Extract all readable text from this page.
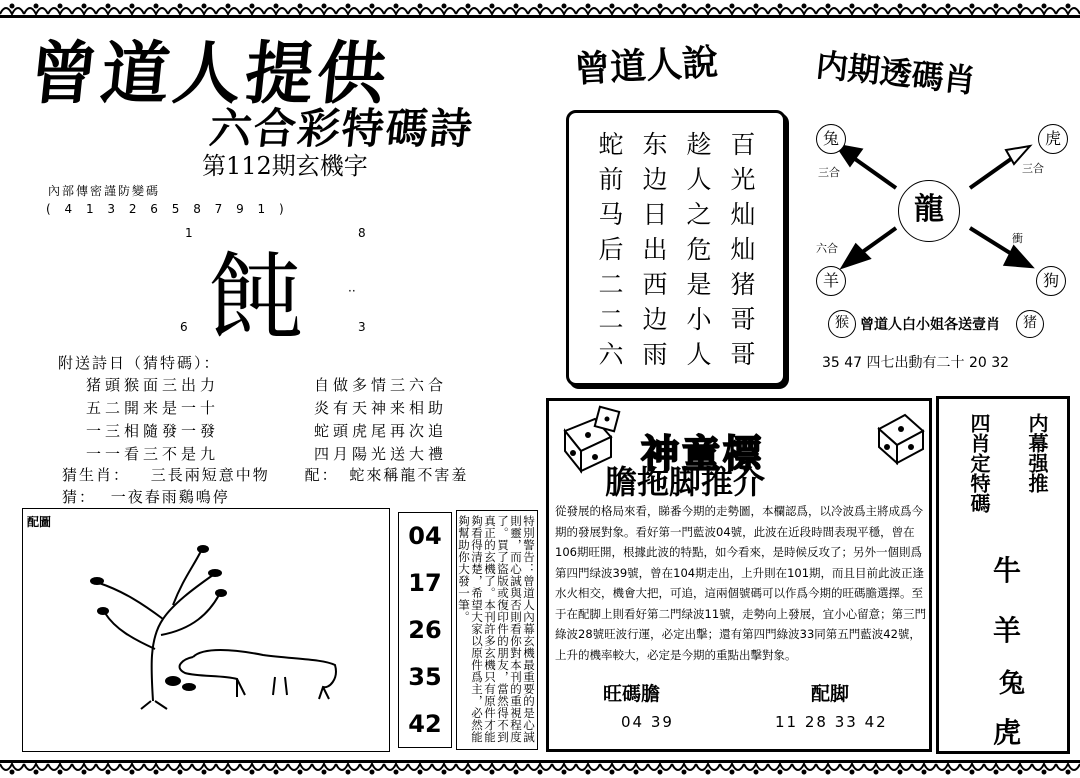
曾道人提供
六合彩特碼詩
第112期玄機字
內部傳密謹防變碼
( 4 1 3 2 6 5 8 7 9 1 )
1	8
6	3
飩	··
附送詩日（猜特碼）：
猪頭猴面三出力
五二開来是一十
一三相隨發一發
一一看三不是九
自做多情三六合
炎有天神来相助
蛇頭虎尾再次追
四月陽光送大禮
猜生肖： 三長兩短意中物 配： 蛇來稱龍不害羞
猜： 一夜春雨鷄鳴停
配圖	04
17
26
35
42	特別警告：曾道人內幕玄機最重要的是心誠則靈，而心誠與否則看你對本刊的重視程度了。買了盜版或復印件的朋友，當然得不到真正的玄機了。本刊許多玄機只有原件才能夠看得清楚，希望大家以原件爲主，必然能夠幫助你大發一筆。
曾道人說
蛇 东 趁 百
前 边 人 光
马 日 之 灿
后 出 危 灿
二 西 是 猪
二 边 小 哥
六 雨 人 哥
内期透碼肖
龍
兔	虎
羊	狗
三合	三合
六合
衝
猴 曾道人白小姐各送壹肖	猪
35 47 四七出動有二十 20 32
神童標
膽拖脚推介
從發展的格局來看，睇番今期的走勢圖，本欄認爲，以冷波爲主將成爲今期的發展對象。看好第一門藍波04號，此波在近段時間表現平穩，曾在106期旺開，根據此波的特點，如今看來，是時候反攻了；另外一個則爲第四門绿波39號，曾在104期走出，上升則在101期，而且目前此波正逢水火相交，機會大把，可追，這兩個號碼可以作爲今期的旺碼膽選擇。至于在配脚上則看好第二門绿波11號，走勢向上發展，宜小心留意；第三門綠波28號旺波行運，必定出擊；還有第四門綠波33同第五門藍波42號，上升的機率較大，必定是今期的重點出擊對象。
旺碼膽
04 39
配脚
11 28 33 42
内幕强推
四肖定特碼
牛
羊
兔
虎
